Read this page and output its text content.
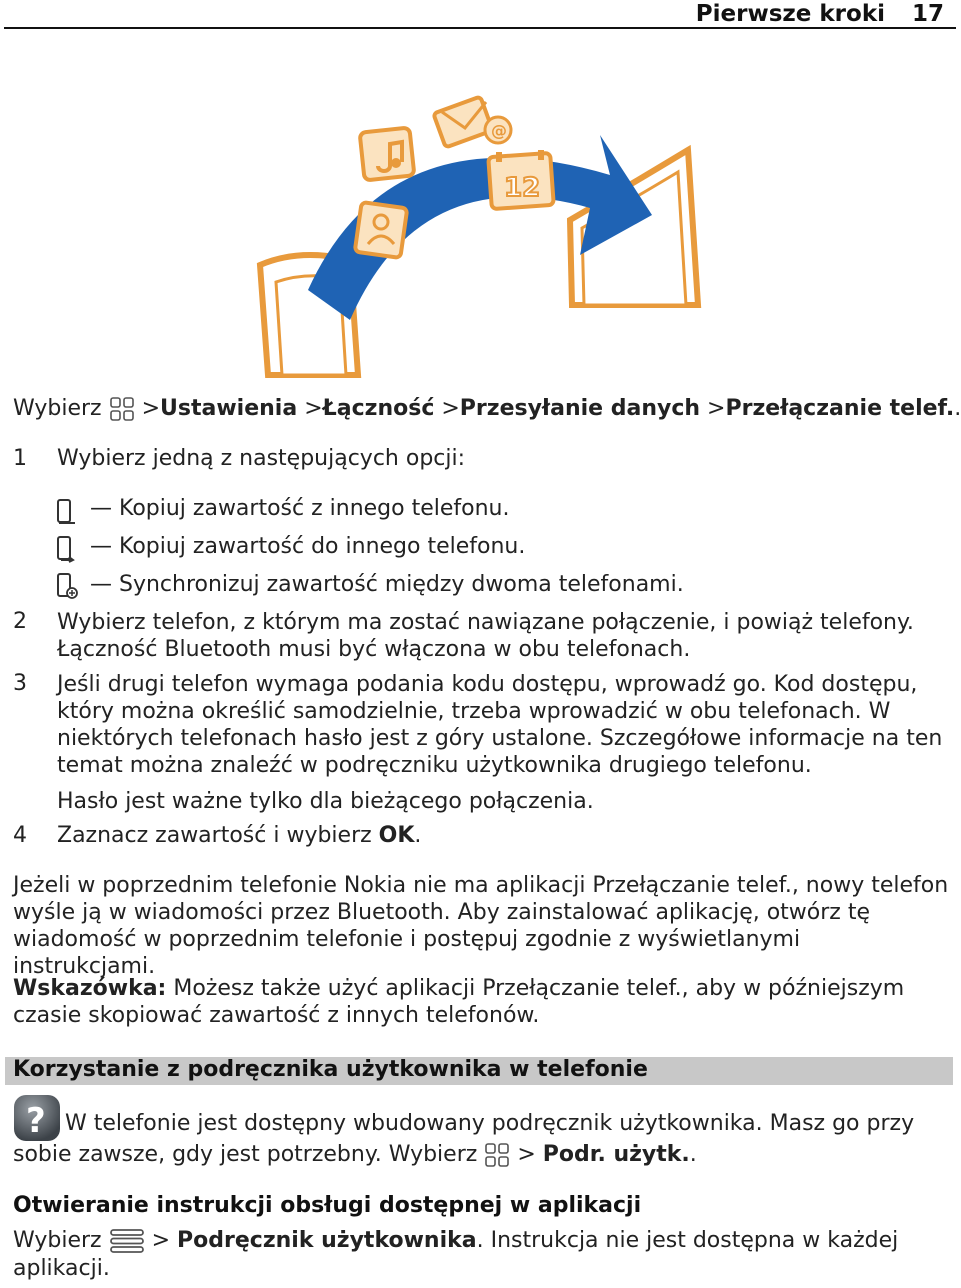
Pierwsze kroki 17
@
12
Wybierz >Ustawienia >Łączność >Przesyłanie danych >Przełączanie telef..
1 Wybierz jedną z następujących opcji:
— Kopiuj zawartość z innego telefonu.
— Kopiuj zawartość do innego telefonu.
— Synchronizuj zawartość między dwoma telefonami.
2 Wybierz telefon, z którym ma zostać nawiązane połączenie, i powiąż telefony. Łączność Bluetooth musi być włączona w obu telefonach.
3 Jeśli drugi telefon wymaga podania kodu dostępu, wprowadź go. Kod dostępu, który można określić samodzielnie, trzeba wprowadzić w obu telefonach. W niektórych telefonach hasło jest z góry ustalone. Szczegółowe informacje na ten temat można znaleźć w podręczniku użytkownika drugiego telefonu.
Hasło jest ważne tylko dla bieżącego połączenia.
4 Zaznacz zawartość i wybierz OK.
Jeżeli w poprzednim telefonie Nokia nie ma aplikacji Przełączanie telef., nowy telefon wyśle ją w wiadomości przez Bluetooth. Aby zainstalować aplikację, otwórz tę wiadomość w poprzednim telefonie i postępuj zgodnie z wyświetlanymi instrukcjami.
Wskazówka: Możesz także użyć aplikacji Przełączanie telef., aby w późniejszym czasie skopiować zawartość z innych telefonów.
Korzystanie z podręcznika użytkownika w telefonie
? W telefonie jest dostępny wbudowany podręcznik użytkownika. Masz go przy
sobie zawsze, gdy jest potrzebny. Wybierz > Podr. użytk..
Otwieranie instrukcji obsługi dostępnej w aplikacji
Wybierz > Podręcznik użytkownika. Instrukcja nie jest dostępna w każdej
aplikacji.
